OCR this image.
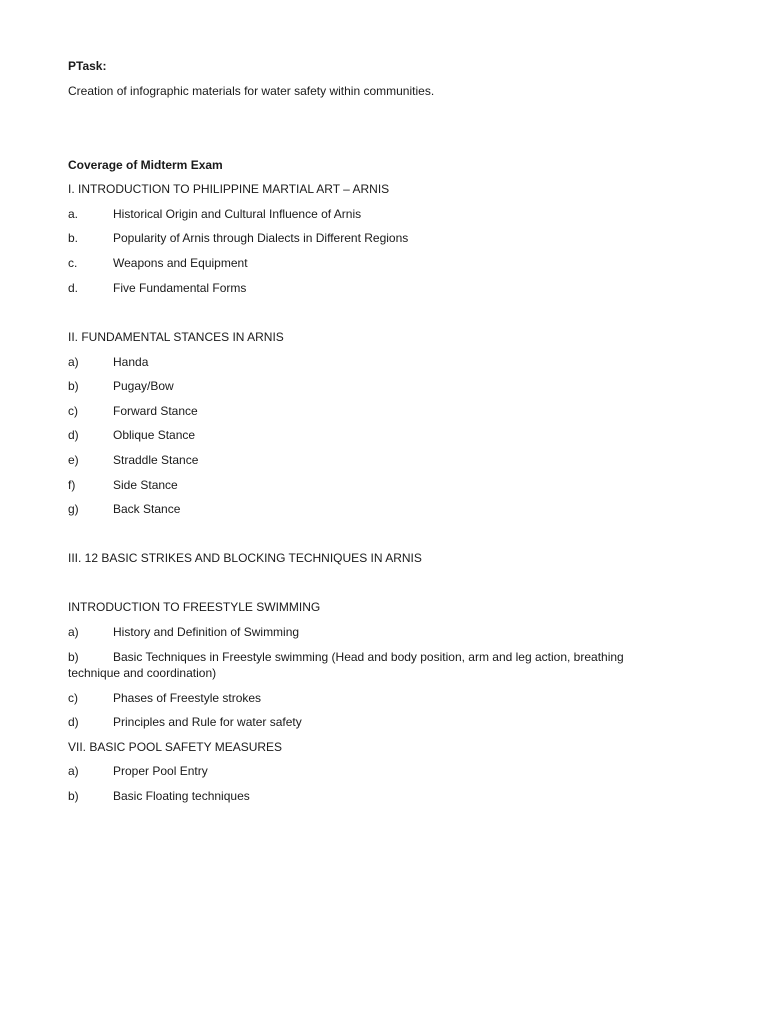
PTask:
Creation of infographic materials for water safety within communities.
Coverage of Midterm Exam
I. INTRODUCTION TO PHILIPPINE MARTIAL ART – ARNIS
a.	Historical Origin and Cultural Influence of Arnis
b.	Popularity of Arnis through Dialects in Different Regions
c.	Weapons and Equipment
d.	Five Fundamental Forms
II. FUNDAMENTAL STANCES IN ARNIS
a)	Handa
b)	Pugay/Bow
c)	Forward Stance
d)	Oblique Stance
e)	Straddle Stance
f)	Side Stance
g)	Back Stance
III. 12 BASIC STRIKES AND BLOCKING TECHNIQUES IN ARNIS
INTRODUCTION TO FREESTYLE SWIMMING
a)	History and Definition of Swimming
b)	Basic Techniques in Freestyle swimming (Head and body position, arm and leg action, breathing technique and coordination)
c)	Phases of Freestyle strokes
d)	Principles and Rule for water safety
VII. BASIC POOL SAFETY MEASURES
a)	Proper Pool Entry
b)	Basic Floating techniques
